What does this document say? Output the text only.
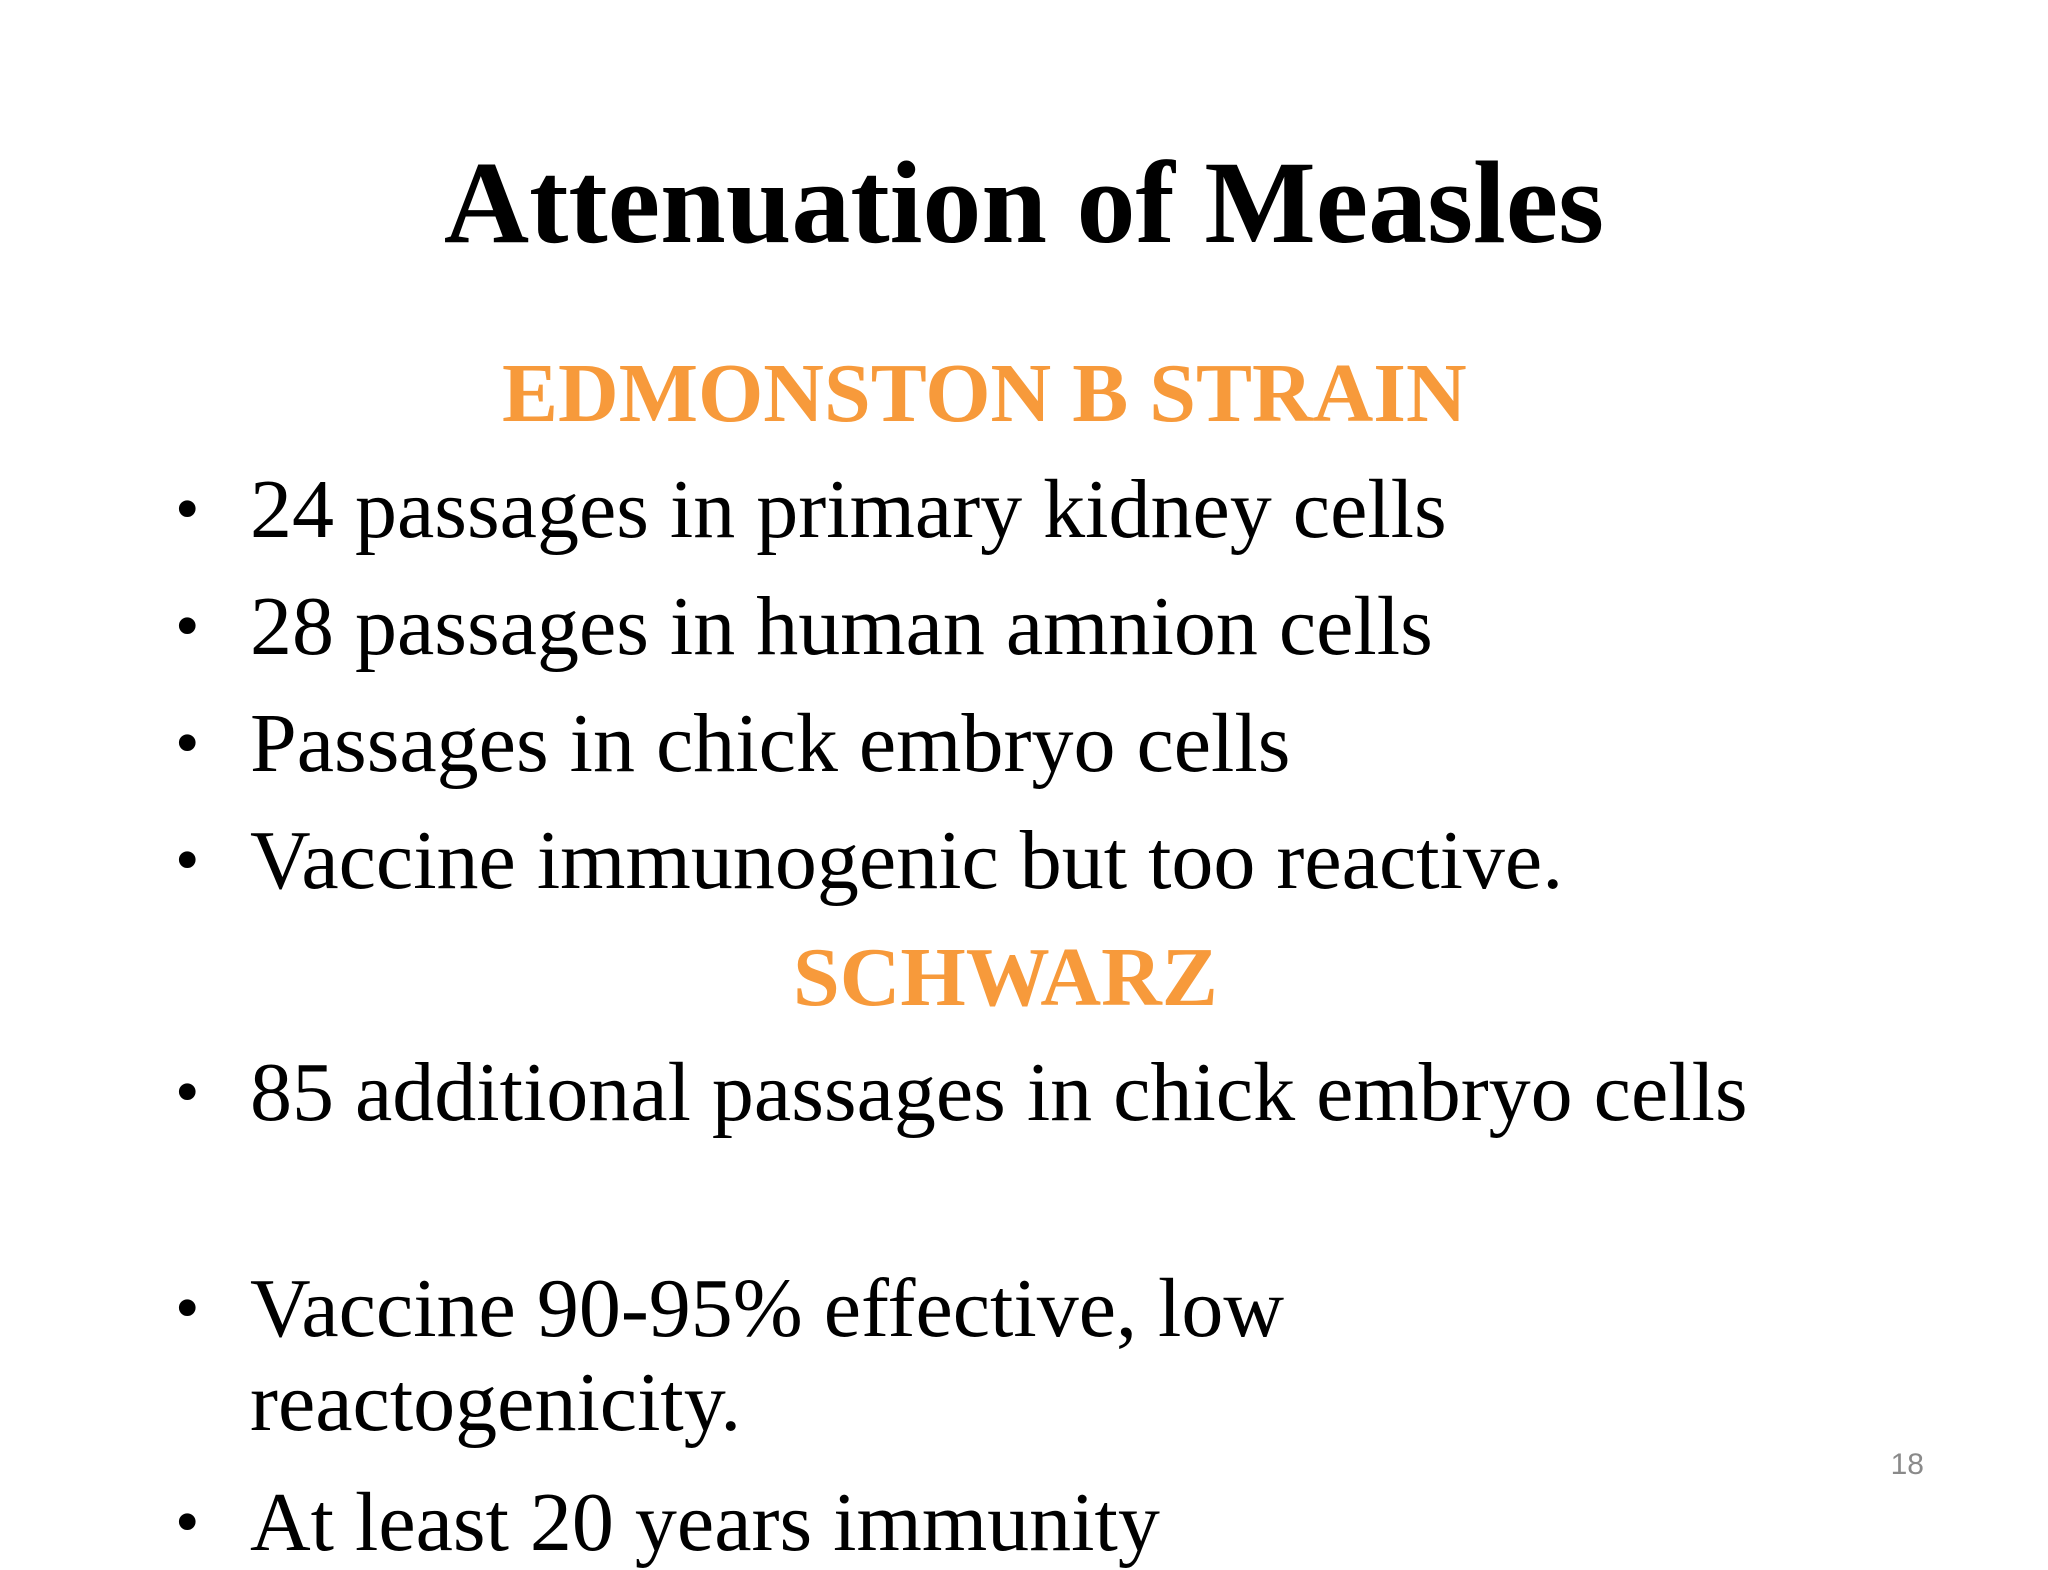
Attenuation of Measles
EDMONSTON B STRAIN
• 24 passages in primary kidney cells
• 28 passages in human amnion cells
• Passages in chick embryo cells
• Vaccine immunogenic but too reactive.
SCHWARZ
• 85 additional passages in chick embryo cells
• Vaccine 90-95% effective, low reactogenicity.
• At least 20 years immunity
18
